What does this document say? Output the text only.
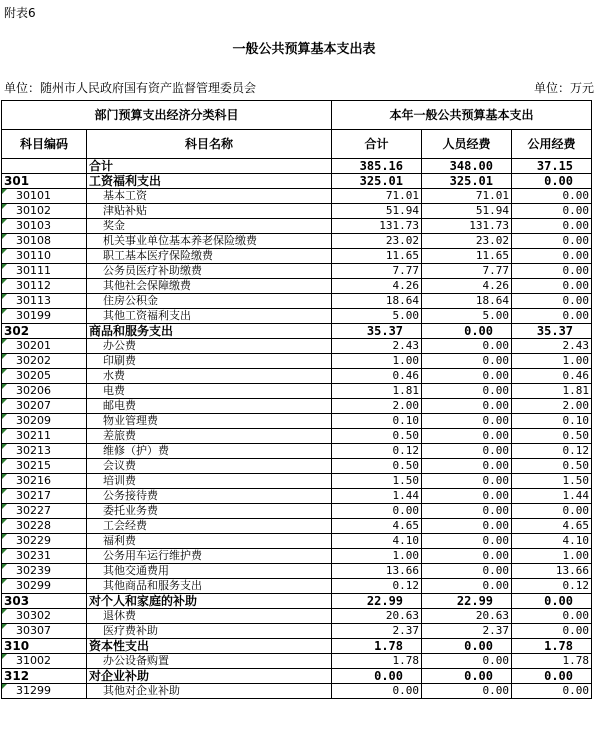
附表6
一般公共预算基本支出表
单位：随州市人民政府国有资产监督管理委员会	单位：万元
部门预算支出经济分类科目		本年一般公共预算基本支出		
科目编码	科目名称	合计	人员经费	公用经费
	合计	385.16	348.00	37.15
301	工资福利支出	325.01	325.01	0.00

30101	基本工资	71.01	71.01	0.00

30102	津贴补贴	51.94	51.94	0.00

30103	奖金	131.73	131.73	0.00

30108	机关事业单位基本养老保险缴费	23.02	23.02	0.00

30110	职工基本医疗保险缴费	11.65	11.65	0.00

30111	公务员医疗补助缴费	7.77	7.77	0.00

30112	其他社会保障缴费	4.26	4.26	0.00

30113	住房公积金	18.64	18.64	0.00

30199	其他工资福利支出	5.00	5.00	0.00
302	商品和服务支出	35.37	0.00	35.37

30201	办公费	2.43	0.00	2.43

30202	印刷费	1.00	0.00	1.00

30205	水费	0.46	0.00	0.46

30206	电费	1.81	0.00	1.81

30207	邮电费	2.00	0.00	2.00

30209	物业管理费	0.10	0.00	0.10

30211	差旅费	0.50	0.00	0.50

30213	维修（护）费	0.12	0.00	0.12

30215	会议费	0.50	0.00	0.50

30216	培训费	1.50	0.00	1.50

30217	公务接待费	1.44	0.00	1.44

30227	委托业务费	0.00	0.00	0.00

30228	工会经费	4.65	0.00	4.65

30229	福利费	4.10	0.00	4.10

30231	公务用车运行维护费	1.00	0.00	1.00

30239	其他交通费用	13.66	0.00	13.66

30299	其他商品和服务支出	0.12	0.00	0.12
303	对个人和家庭的补助	22.99	22.99	0.00

30302	退休费	20.63	20.63	0.00

30307	医疗费补助	2.37	2.37	0.00
310	资本性支出	1.78	0.00	1.78

31002	办公设备购置	1.78	0.00	1.78
312	对企业补助	0.00	0.00	0.00

31299	其他对企业补助	0.00	0.00	0.00
